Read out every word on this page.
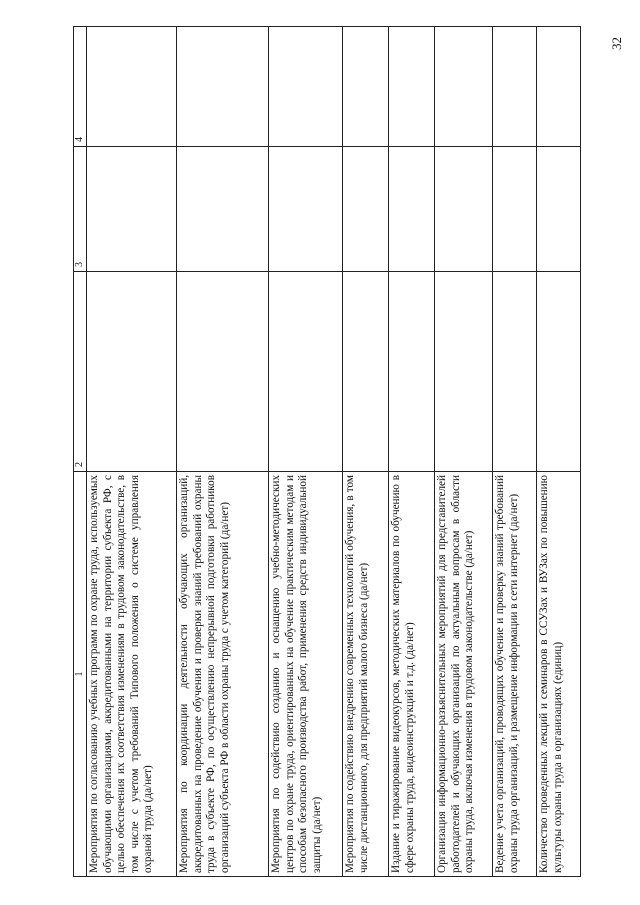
32
1	2	3	4
Мероприятия по согласованию учебных программ по охране труда, используемых обучающими организациями, аккредитованными на территории субъекта РФ, с целью обеспечения их соответствия изменениям в трудовом законодательстве, в том числе с учетом требований Типового положения о системе управления охраной труда (да/нет)			
Мероприятия по координации деятельности обучающих организаций, аккредитованных на проведение обучения и проверки знаний требований охраны труда в субъекте РФ, по осуществлению непрерывной подготовки работников организаций субъекта РФ в области охраны труда с учетом категорий (да/нет)			
Мероприятия по содействию созданию и оснащению учебно-методических центров по охране труда, ориентированных на обучение практическим методам и способам безопасного производства работ, применения средств индивидуальной защиты (да/нет)			
Мероприятия по содействию внедрению современных технологий обучения, в том числе дистанционного, для предприятий малого бизнеса (да/нет)			
Издание и тиражирование видеокурсов, методических материалов по обучению в сфере охраны труда, видеоинструкций и т.д. (да/нет)			
Организация информационно-разъяснительных мероприятий для представителей работодателей и обучающих организаций по актуальным вопросам в области охраны труда, включая изменения в трудовом законодательстве (да/нет)			
Ведение учета организаций, проводящих обучение и проверку знаний требований охраны труда организаций, и размещение информации в сети интернет (да/нет)			
Количество проведенных лекций и семинаров в ССУЗах и ВУЗах по повышению культуры охраны труда в организациях (единиц)			
